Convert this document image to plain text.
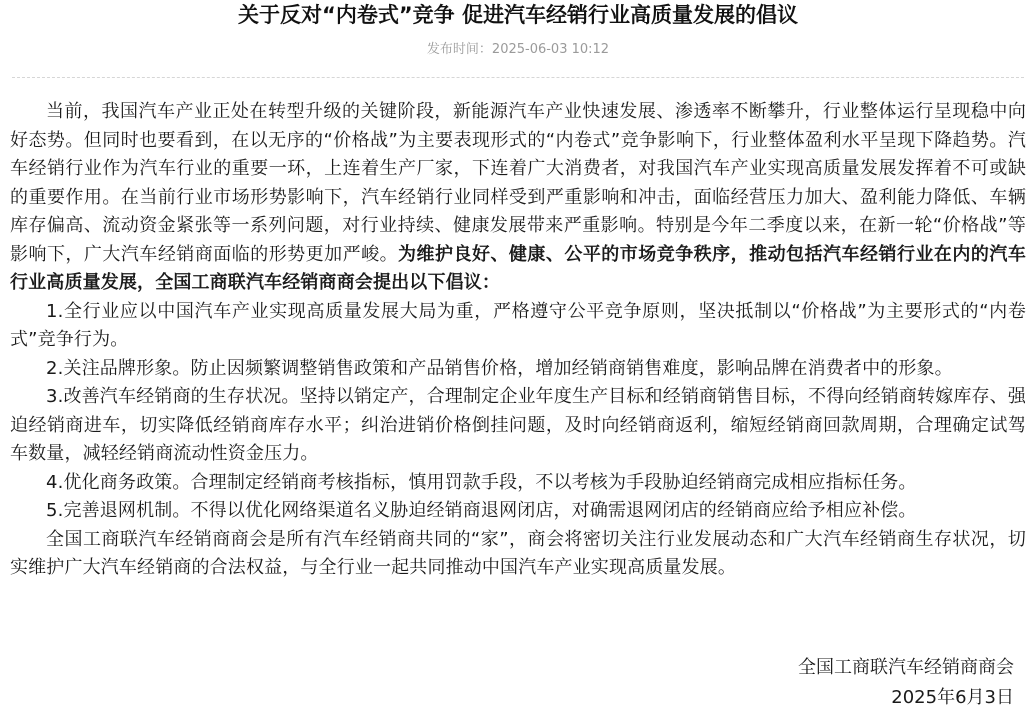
关于反对“内卷式”竞争 促进汽车经销行业高质量发展的倡议
发布时间：2025-06-03 10:12

当前，我国汽车产业正处在转型升级的关键阶段，新能源汽车产业快速发展、渗透率不断攀升，行业整体运行呈现稳中向好态势。但同时也要看到，在以无序的“价格战”为主要表现形式的“内卷式”竞争影响下，行业整体盈利水平呈现下降趋势。汽车经销行业作为汽车行业的重要一环，上连着生产厂家，下连着广大消费者，对我国汽车产业实现高质量发展发挥着不可或缺的重要作用。在当前行业市场形势影响下，汽车经销行业同样受到严重影响和冲击，面临经营压力加大、盈利能力降低、车辆库存偏高、流动资金紧张等一系列问题，对行业持续、健康发展带来严重影响。特别是今年二季度以来，在新一轮“价格战”等影响下，广大汽车经销商面临的形势更加严峻。为维护良好、健康、公平的市场竞争秩序，推动包括汽车经销行业在内的汽车行业高质量发展，全国工商联汽车经销商商会提出以下倡议：

1.全行业应以中国汽车产业实现高质量发展大局为重，严格遵守公平竞争原则，坚决抵制以“价格战”为主要形式的“内卷式”竞争行为。

2.关注品牌形象。防止因频繁调整销售政策和产品销售价格，增加经销商销售难度，影响品牌在消费者中的形象。

3.改善汽车经销商的生存状况。坚持以销定产，合理制定企业年度生产目标和经销商销售目标，不得向经销商转嫁库存、强迫经销商进车，切实降低经销商库存水平；纠治进销价格倒挂问题，及时向经销商返利，缩短经销商回款周期，合理确定试驾车数量，减轻经销商流动性资金压力。

4.优化商务政策。合理制定经销商考核指标，慎用罚款手段，不以考核为手段胁迫经销商完成相应指标任务。

5.完善退网机制。不得以优化网络渠道名义胁迫经销商退网闭店，对确需退网闭店的经销商应给予相应补偿。

全国工商联汽车经销商商会是所有汽车经销商共同的“家”，商会将密切关注行业发展动态和广大汽车经销商生存状况，切实维护广大汽车经销商的合法权益，与全行业一起共同推动中国汽车产业实现高质量发展。

全国工商联汽车经销商商会
2025年6月3日
